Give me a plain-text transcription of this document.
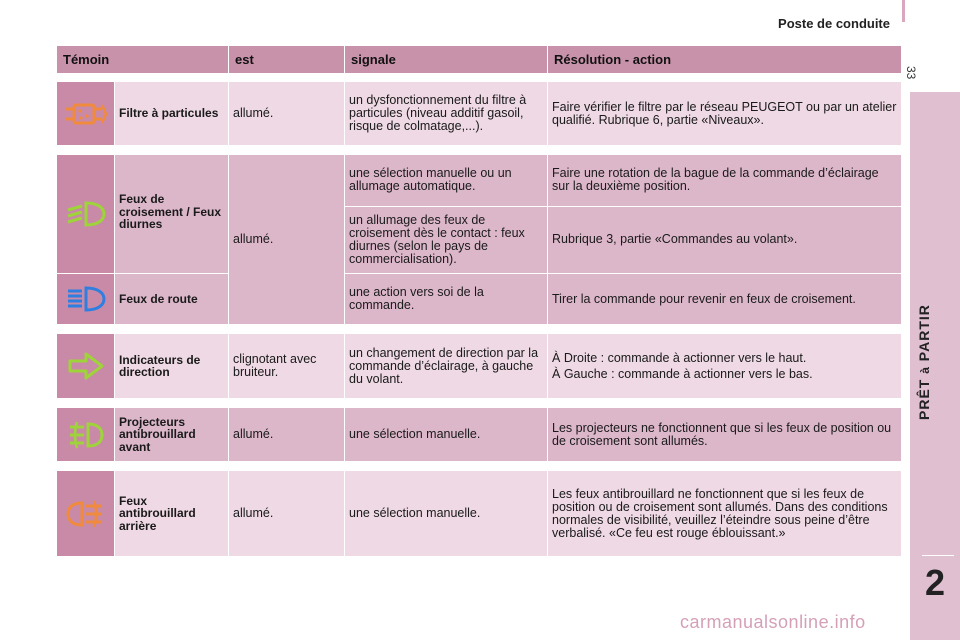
Poste de conduite
33
PRÊT à PARTIR
2
Témoin		est	signale	Résolution - action

	Filtre à particules	allumé.	un dysfonctionnement du filtre à particules (niveau additif gasoil, risque de colmatage,...).	Faire vérifier le filtre par le réseau PEUGEOT ou par un atelier qualifié. Rubrique 6, partie «Niveaux».

	Feux de croisement / Feux diurnes	allumé.	une sélection manuelle ou un allumage automatique.	Faire une rotation de la bague de la commande d’éclairage sur la deuxième position.
			un allumage des feux de croisement dès le contact : feux diurnes (selon le pays de commercialisation).	Rubrique 3, partie «Commandes au volant».
	Feux de route		une action vers soi de la commande.	Tirer la commande pour revenir en feux de croisement.

	Indicateurs de direction	clignotant avec bruiteur.	un changement de direction par la commande d’éclairage, à gauche du volant.	À Droite : commande à actionner vers le haut.
À Gauche : commande à actionner vers le bas.

	Projecteurs antibrouillard avant	allumé.	une sélection manuelle.	Les projecteurs ne fonctionnent que si les feux de position ou de croisement sont allumés.

	Feux antibrouillard arrière	allumé.	une sélection manuelle.	Les feux antibrouillard ne fonctionnent que si les feux de position ou de croisement sont allumés. Dans des conditions normales de visibilité, veuillez l’éteindre sous peine d’être verbalisé. «Ce feu est rouge éblouissant.»
carmanualsonline.info
